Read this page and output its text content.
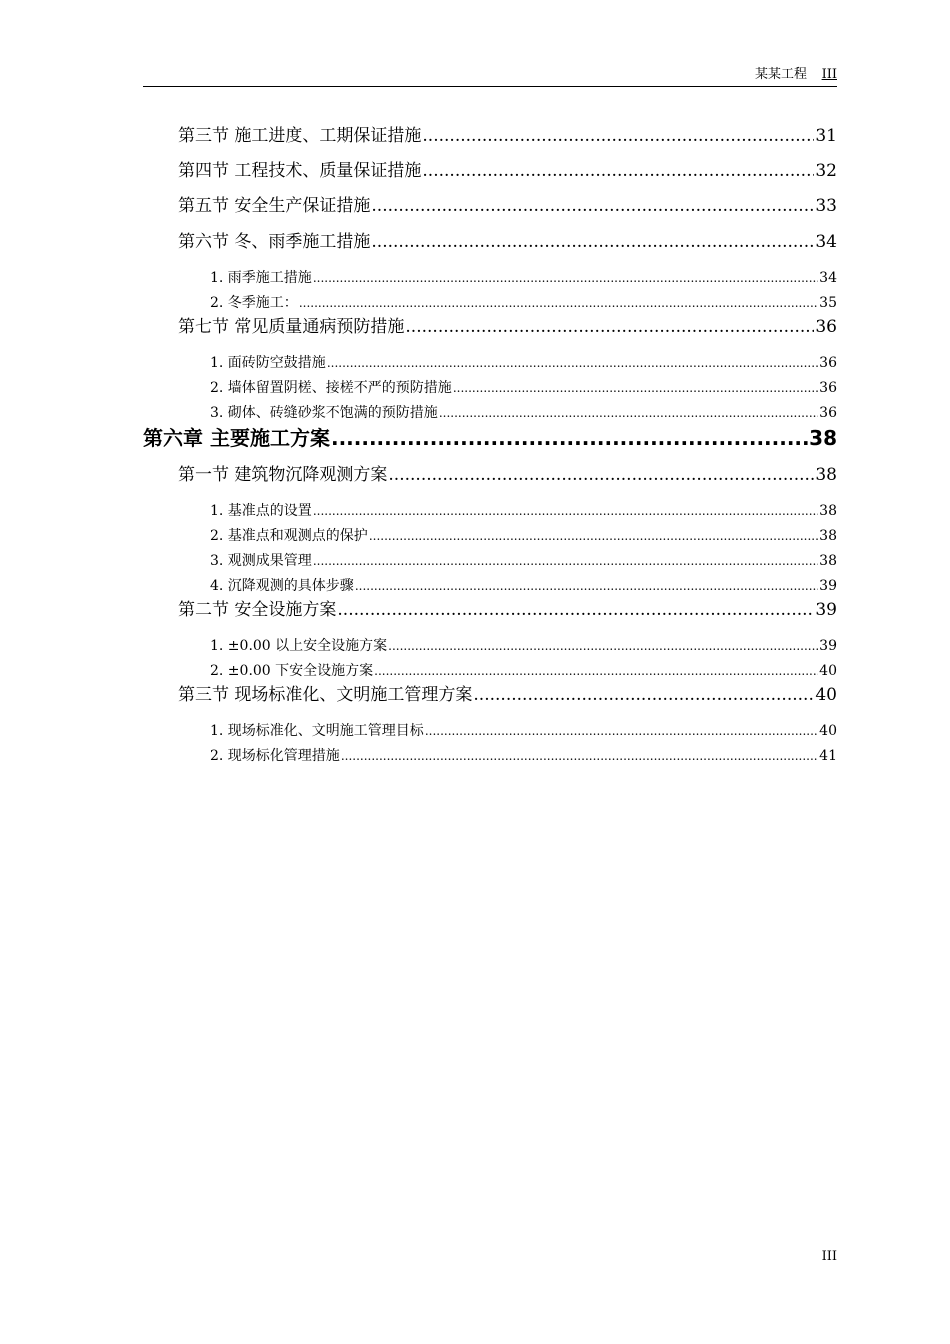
某某工程 III
第三节 施工进度、工期保证措施 .....	31
第四节 工程技术、质量保证措施 .....	32
第五节 安全生产保证措施 .....	33
第六节 冬、雨季施工措施 .....	34
1. 雨季施工措施 .....	34
2. 冬季施工： .....	35
第七节 常见质量通病预防措施 .....	36
1. 面砖防空鼓措施 .....	36
2. 墙体留置阴槎、接槎不严的预防措施 .....	36
3. 砌体、砖缝砂浆不饱满的预防措施 .....	36
第六章 主要施工方案 .....	38
第一节 建筑物沉降观测方案 .....	38
1. 基准点的设置 .....	38
2. 基准点和观测点的保护 .....	38
3. 观测成果管理 .....	38
4. 沉降观测的具体步骤 .....	39
第二节 安全设施方案 .....	39
1. ±0.00 以上安全设施方案 .....	39
2. ±0.00 下安全设施方案 .....	40
第三节 现场标准化、文明施工管理方案 .....	40
1. 现场标准化、文明施工管理目标 .....	40
2. 现场标化管理措施 .....	41
III
